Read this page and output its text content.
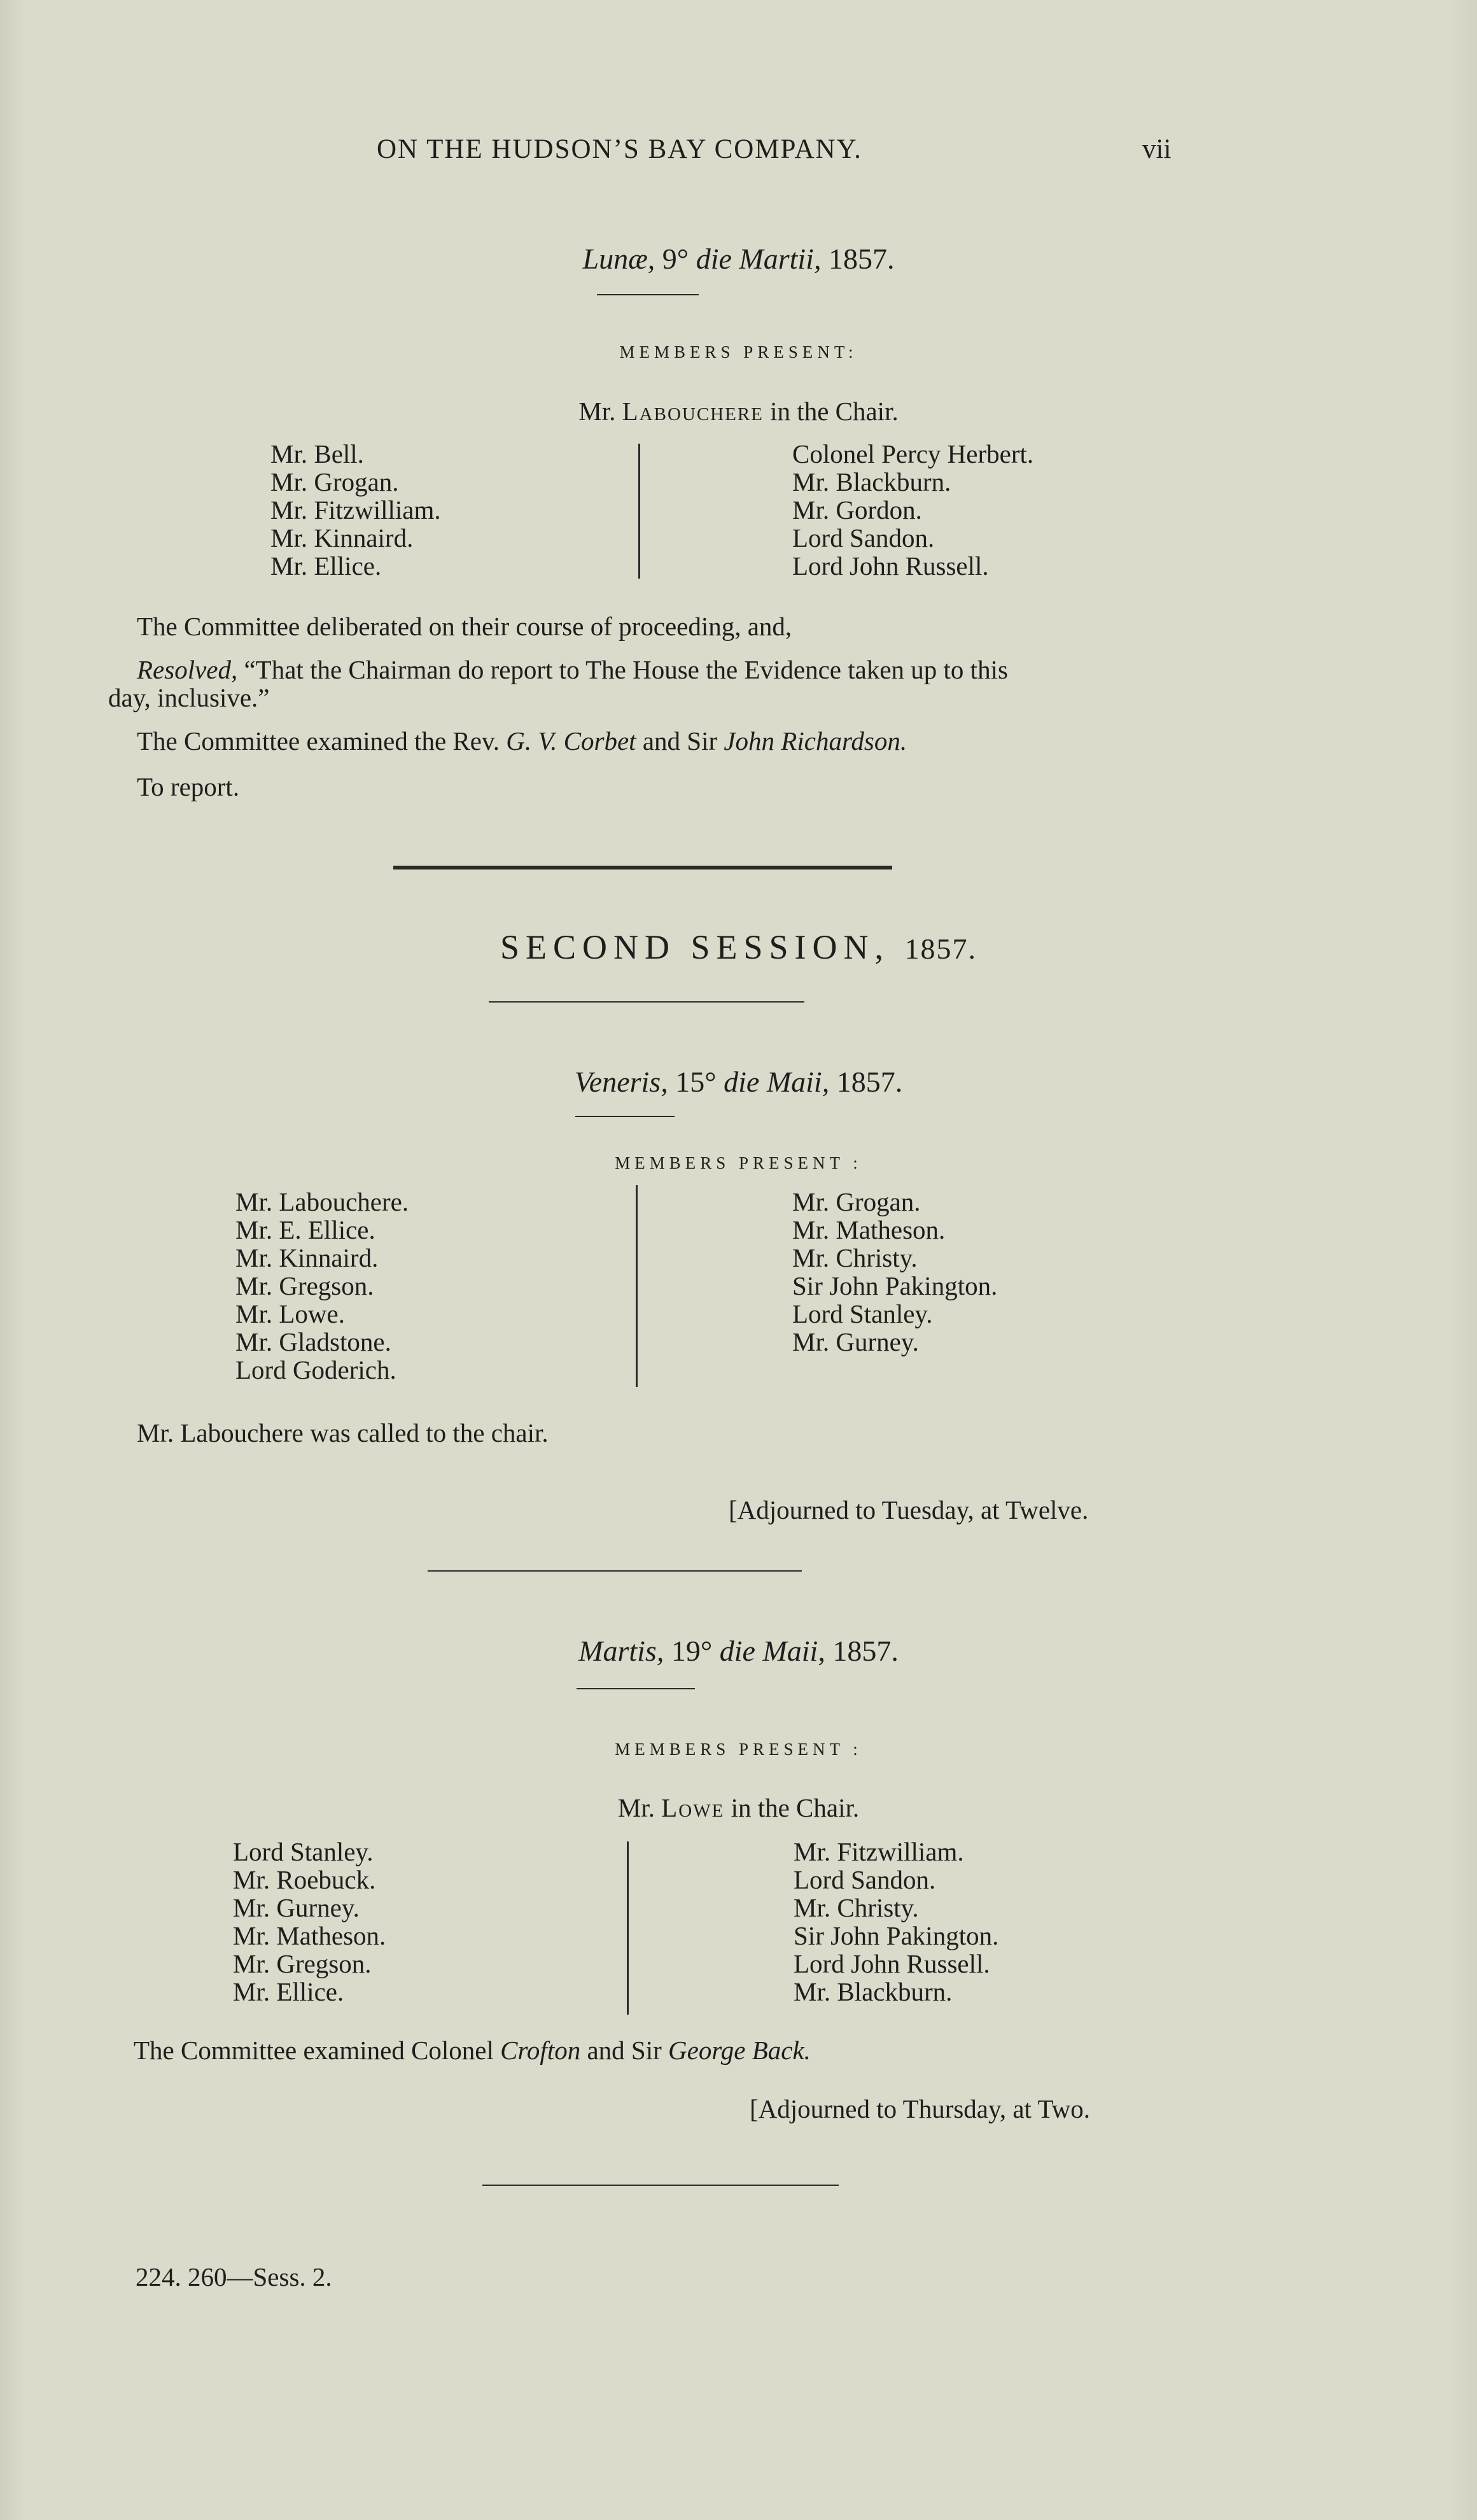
ON THE HUDSON’S BAY COMPANY.	vii
Lunæ, 9° die Martii, 1857.
MEMBERS PRESENT:
Mr. Labouchere in the Chair.
Mr. Bell.
Mr. Grogan.
Mr. Fitzwilliam.
Mr. Kinnaird.
Mr. Ellice.
Colonel Percy Herbert.
Mr. Blackburn.
Mr. Gordon.
Lord Sandon.
Lord John Russell.
The Committee deliberated on their course of proceeding, and,
Resolved, “That the Chairman do report to The House the Evidence taken up to this
day, inclusive.”
The Committee examined the Rev. G. V. Corbet and Sir John Richardson.
To report.
SECOND SESSION, 1857.
Veneris, 15° die Maii, 1857.
MEMBERS PRESENT :
Mr. Labouchere.
Mr. E. Ellice.
Mr. Kinnaird.
Mr. Gregson.
Mr. Lowe.
Mr. Gladstone.
Lord Goderich.
Mr. Grogan.
Mr. Matheson.
Mr. Christy.
Sir John Pakington.
Lord Stanley.
Mr. Gurney.
Mr. Labouchere was called to the chair.
[Adjourned to Tuesday, at Twelve.
Martis, 19° die Maii, 1857.
MEMBERS PRESENT :
Mr. Lowe in the Chair.
Lord Stanley.
Mr. Roebuck.
Mr. Gurney.
Mr. Matheson.
Mr. Gregson.
Mr. Ellice.
Mr. Fitzwilliam.
Lord Sandon.
Mr. Christy.
Sir John Pakington.
Lord John Russell.
Mr. Blackburn.
The Committee examined Colonel Crofton and Sir George Back.
[Adjourned to Thursday, at Two.
224. 260—Sess. 2.
